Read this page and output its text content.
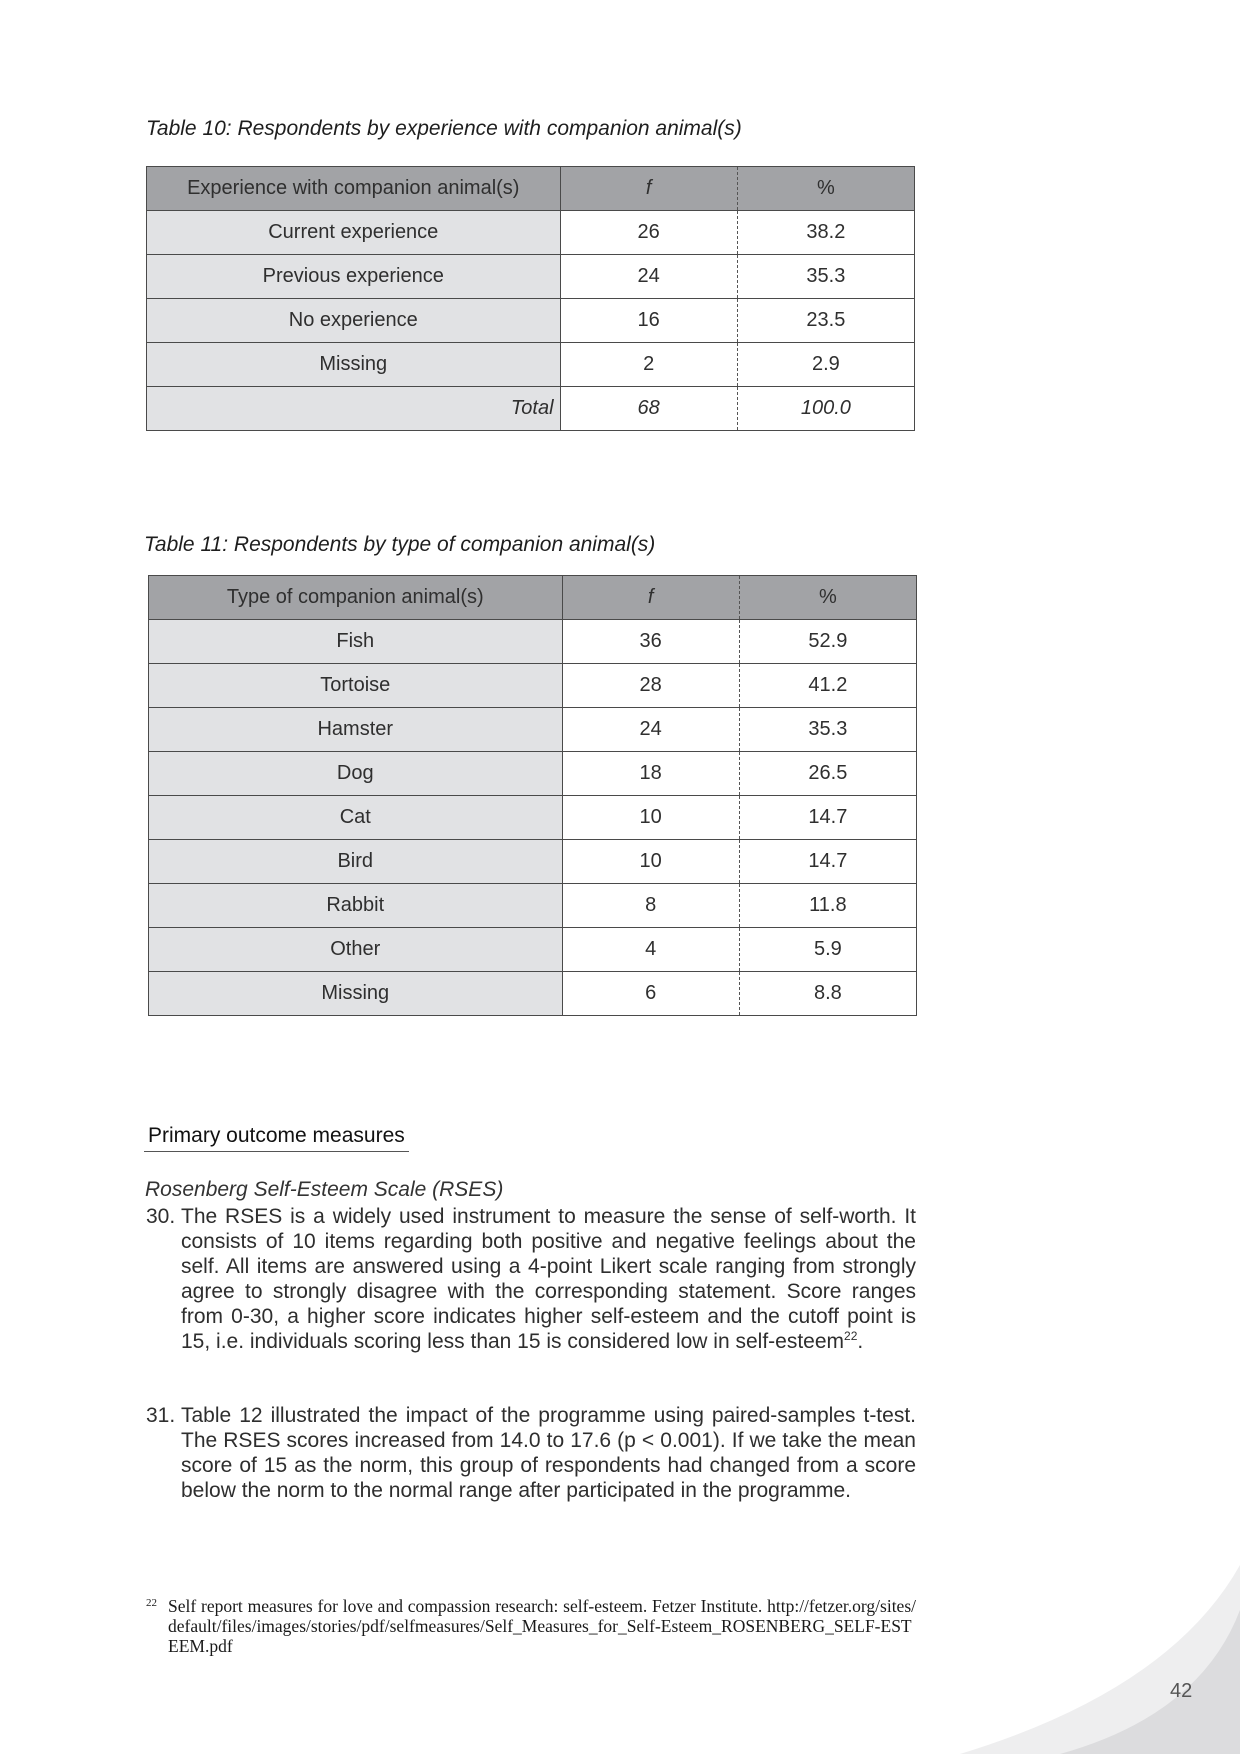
Table 10: Respondents by experience with companion animal(s)

Experience with companion animal(s)	f	%
Current experience	26	38.2
Previous experience	24	35.3
No experience	16	23.5
Missing	2	2.9
Total	68	100.0

Table 11: Respondents by type of companion animal(s)

Type of companion animal(s)	f	%
Fish	36	52.9
Tortoise	28	41.2
Hamster	24	35.3
Dog	18	26.5
Cat	10	14.7
Bird	10	14.7
Rabbit	8	11.8
Other	4	5.9
Missing	6	8.8

Primary outcome measures

Rosenberg Self-Esteem Scale (RSES)

30. The RSES is a widely used instrument to measure the sense of self-worth. It consists of 10 items regarding both positive and negative feelings about the self. All items are answered using a 4-point Likert scale ranging from strongly agree to strongly disagree with the corresponding statement. Score ranges from 0-30, a higher score indicates higher self-esteem and the cutoff point is 15, i.e. individuals scoring less than 15 is considered low in self-esteem$^{22}$.
31. Table 12 illustrated the impact of the programme using paired-samples t-test. The RSES scores increased from 14.0 to 17.6 (p < 0.001). If we take the mean score of 15 as the norm, this group of respondents had changed from a score below the norm to the normal range after participated in the programme.
22 Self report measures for love and compassion research: self-esteem. Fetzer Institute. http://fetzer.org/sites/default/files/images/stories/pdf/selfmeasures/Self_Measures_for_Self-Esteem_ROSENBERG_SELF-ESTEEM.pdf
42
